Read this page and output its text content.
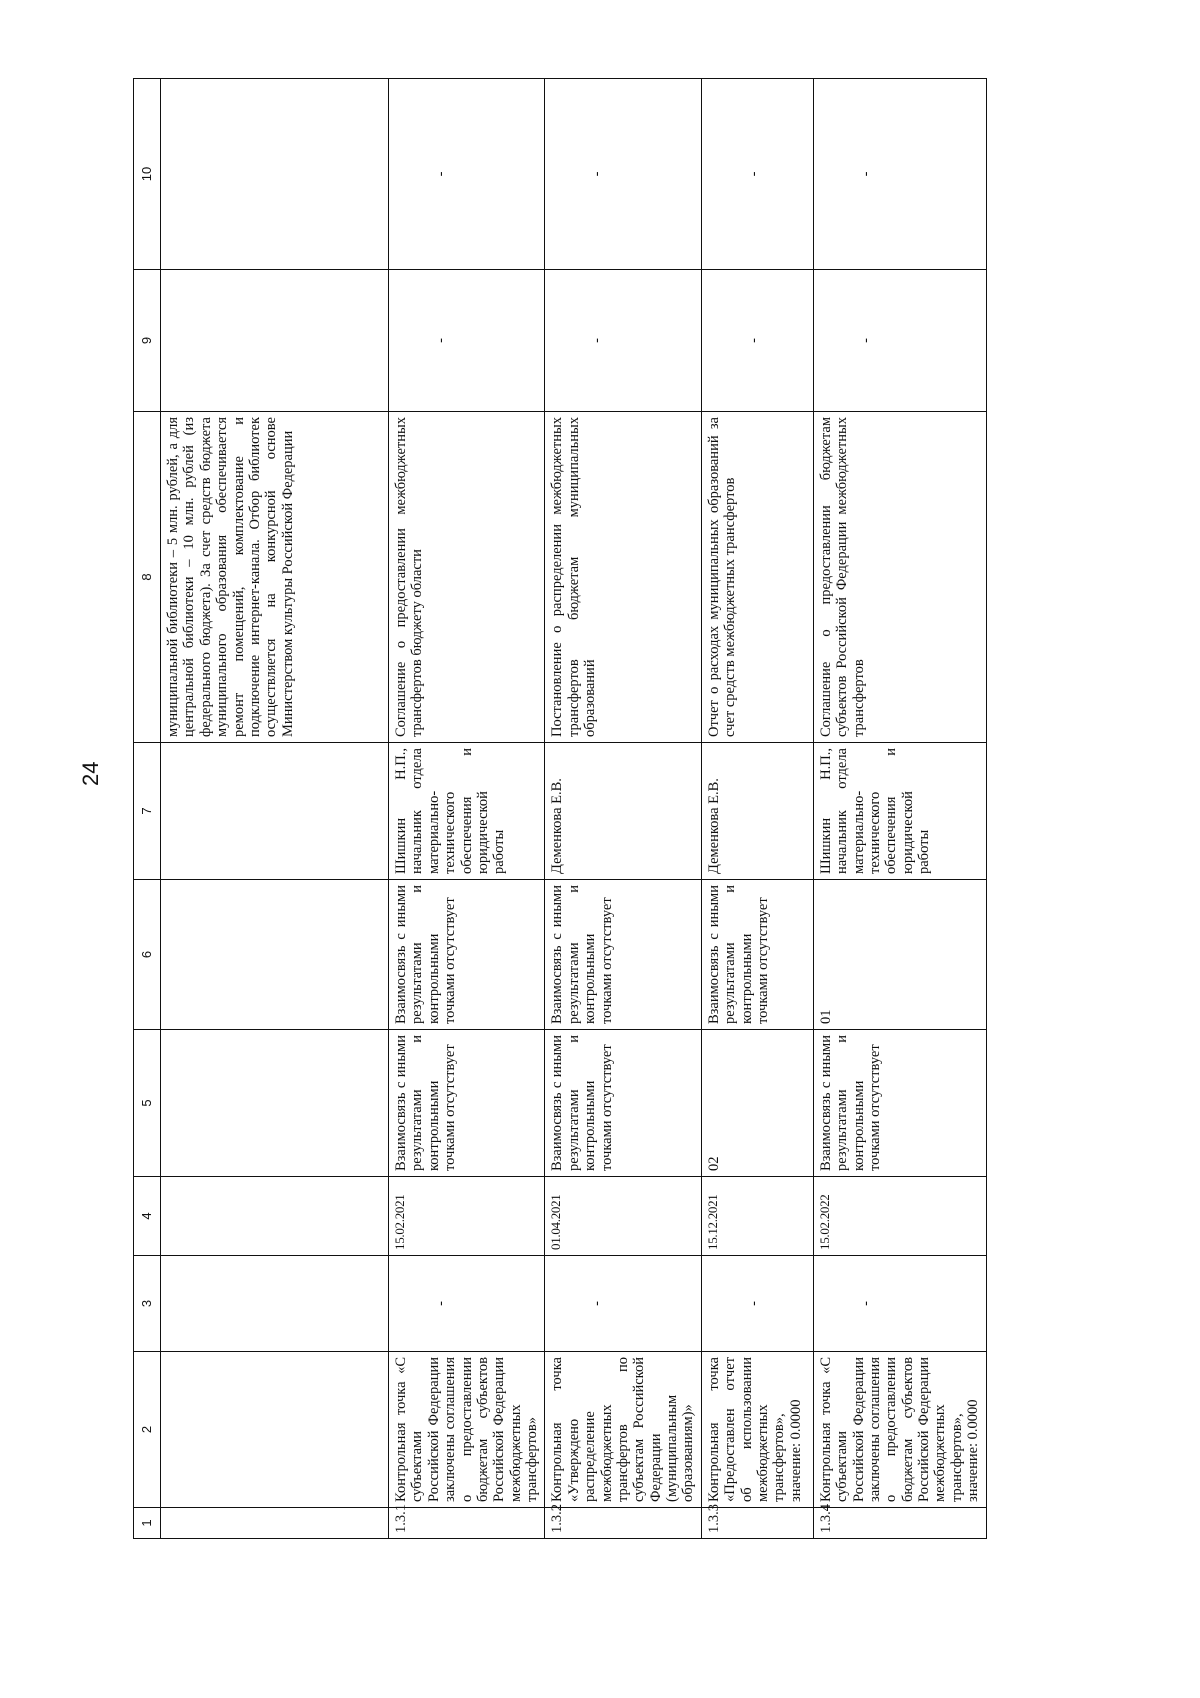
24
1	2	3	4	5	6	7	8	9	10
							муниципальной библиотеки – 5 млн. рублей, а для центральной библиотеки – 10 млн. рублей (из федерального бюджета). За счет средств бюджета муниципального образования обеспечивается ремонт помещений, комплектование и подключение интернет-канала. Отбор библиотек осуществляется на конкурсной основе Министерством культуры Российской Федерации		
1.3.1	Контрольная точка «С субъектами Российской Федерации заключены соглашения о предоставлении бюджетам субъектов Российской Федерации межбюджетных трансфертов»	-	15.02.2021	Взаимосвязь с иными результатами и контрольными точками отсутствует	Взаимосвязь с иными результатами и контрольными точками отсутствует	Шишкин Н.П., начальник отдела материально-технического обеспечения и юридической работы	Соглашение о предоставлении межбюджетных трансфертов бюджету области	-	-
1.3.2	Контрольная точка «Утверждено распределение межбюджетных трансфертов по субъектам Российской Федерации (муниципальным образованиям)»	-	01.04.2021	Взаимосвязь с иными результатами и контрольными точками отсутствует	Взаимосвязь с иными результатами и контрольными точками отсутствует	Деменкова Е.В.	Постановление о распределении межбюджетных трансфертов бюджетам муниципальных образований	-	-
1.3.3	Контрольная точка «Предоставлен отчет об использовании межбюджетных трансфертов», значение: 0.0000	-	15.12.2021	02	Взаимосвязь с иными результатами и контрольными точками отсутствует	Деменкова Е.В.	Отчет о расходах муниципальных образований за счет средств межбюджетных трансфертов	-	-
1.3.4	Контрольная точка «С субъектами Российской Федерации заключены соглашения о предоставлении бюджетам субъектов Российской Федерации межбюджетных трансфертов», значение: 0.0000	-	15.02.2022	Взаимосвязь с иными результатами и контрольными точками отсутствует	01	Шишкин Н.П., начальник отдела материально-технического обеспечения и юридической работы	Соглашение о предоставлении бюджетам субъектов Российской Федерации межбюджетных трансфертов	-	-
